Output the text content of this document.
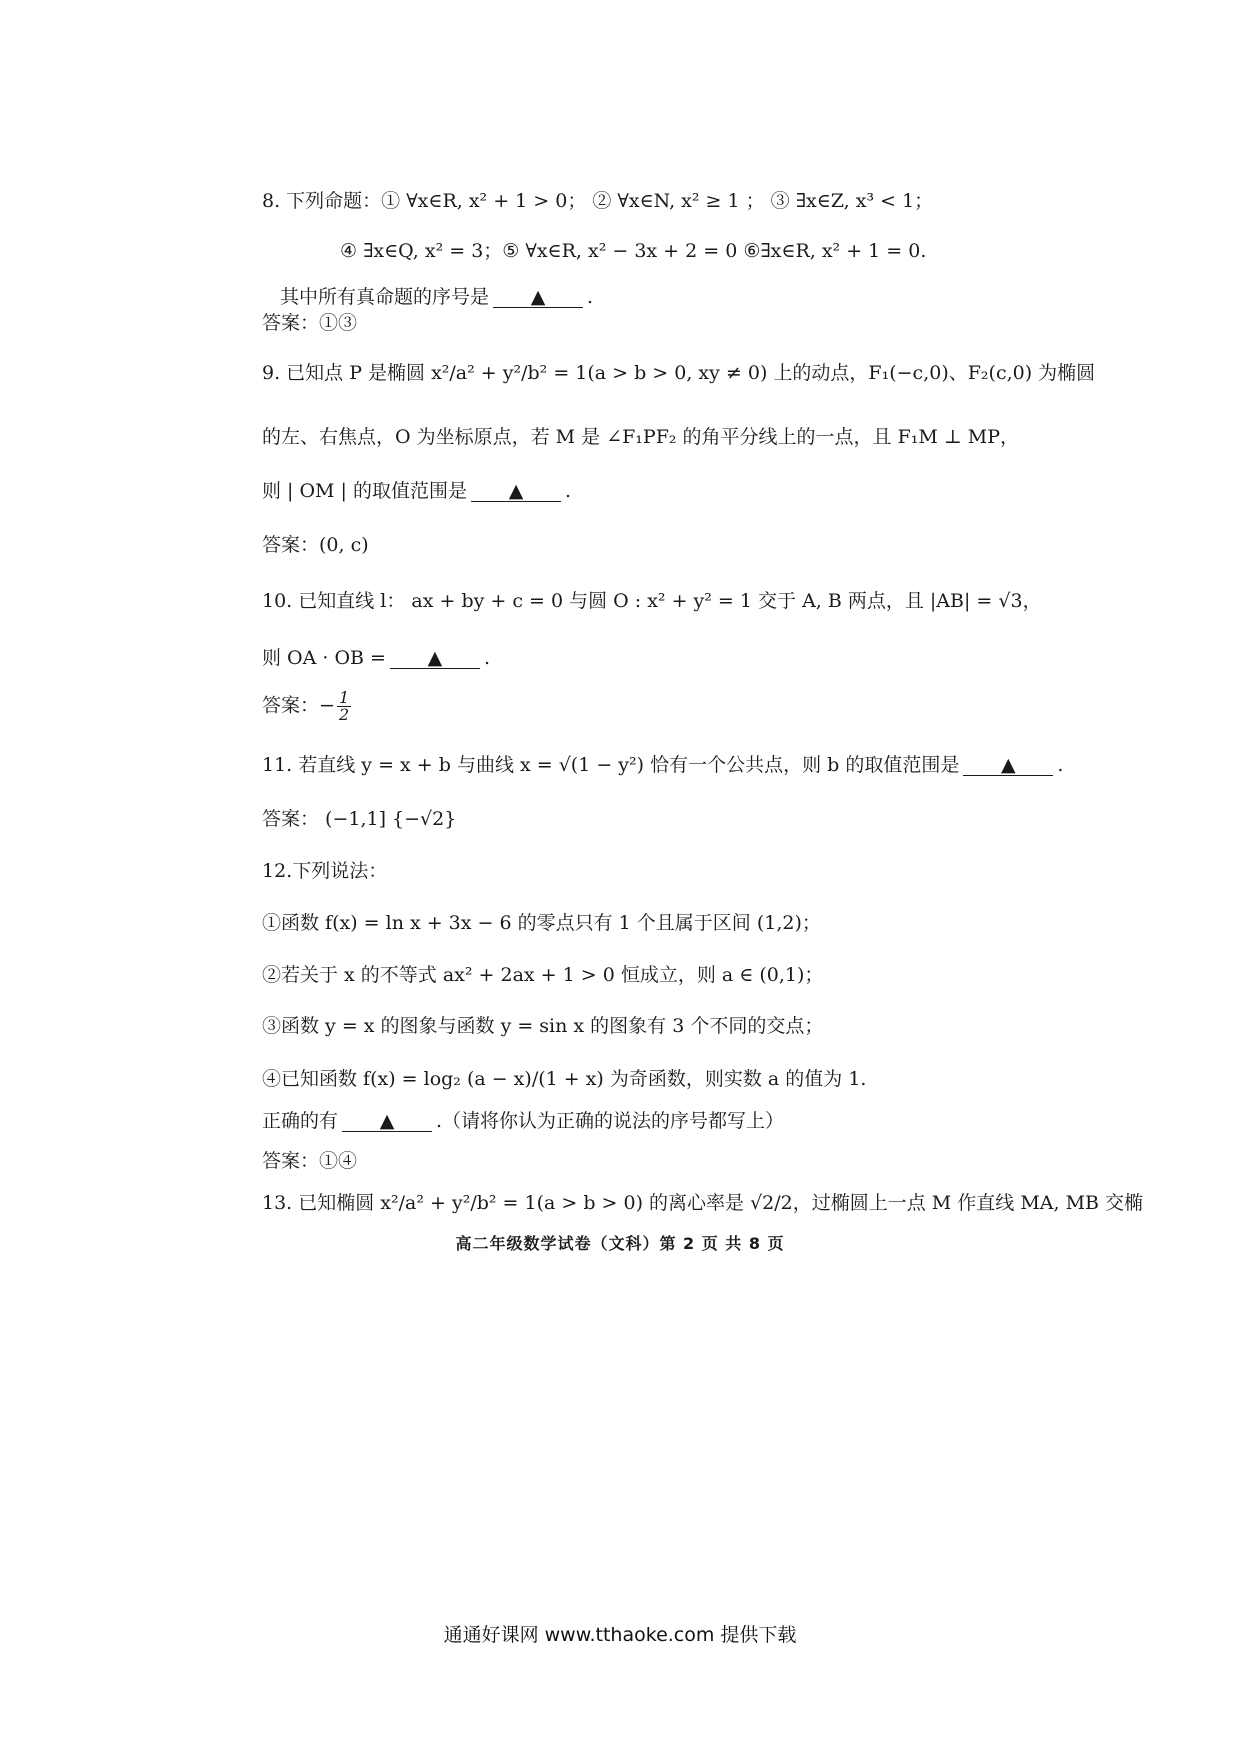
8. 下列命题：① ∀x∈R, x² + 1 > 0； ② ∀x∈N, x² ≥ 1 ； ③ ∃x∈Z, x³ < 1；
④ ∃x∈Q, x² = 3；⑤ ∀x∈R, x² − 3x + 2 = 0 ⑥∃x∈R, x² + 1 = 0.
其中所有真命题的序号是 ▲ .
答案：①③
9. 已知点 P 是椭圆 x²/a² + y²/b² = 1(a > b > 0, xy ≠ 0) 上的动点，F₁(−c,0)、F₂(c,0) 为椭圆
的左、右焦点，O 为坐标原点，若 M 是 ∠F₁PF₂ 的角平分线上的一点，且 F₁M ⊥ MP，
则 | OM | 的取值范围是 ▲ .
答案：(0, c)
10. 已知直线 l： ax + by + c = 0 与圆 O : x² + y² = 1 交于 A, B 两点，且 |AB| = √3，
则 OA · OB = ▲ .
答案：− $\frac{1}{2}$
11. 若直线 y = x + b 与曲线 x = √(1 − y²) 恰有一个公共点，则 b 的取值范围是 ▲ .
答案： (−1,1] {−√2}
12.下列说法：
①函数 f(x) = ln x + 3x − 6 的零点只有 1 个且属于区间 (1,2)；
②若关于 x 的不等式 ax² + 2ax + 1 > 0 恒成立，则 a ∈ (0,1)；
③函数 y = x 的图象与函数 y = sin x 的图象有 3 个不同的交点；
④已知函数 f(x) = log₂ (a − x)/(1 + x) 为奇函数，则实数 a 的值为 1.
正确的有 ▲ .（请将你认为正确的说法的序号都写上）
答案：①④
13. 已知椭圆 x²/a² + y²/b² = 1(a > b > 0) 的离心率是 √2/2，过椭圆上一点 M 作直线 MA, MB 交椭
高二年级数学试卷（文科）第 2 页 共 8 页
通通好课网 www.tthaoke.com 提供下载
